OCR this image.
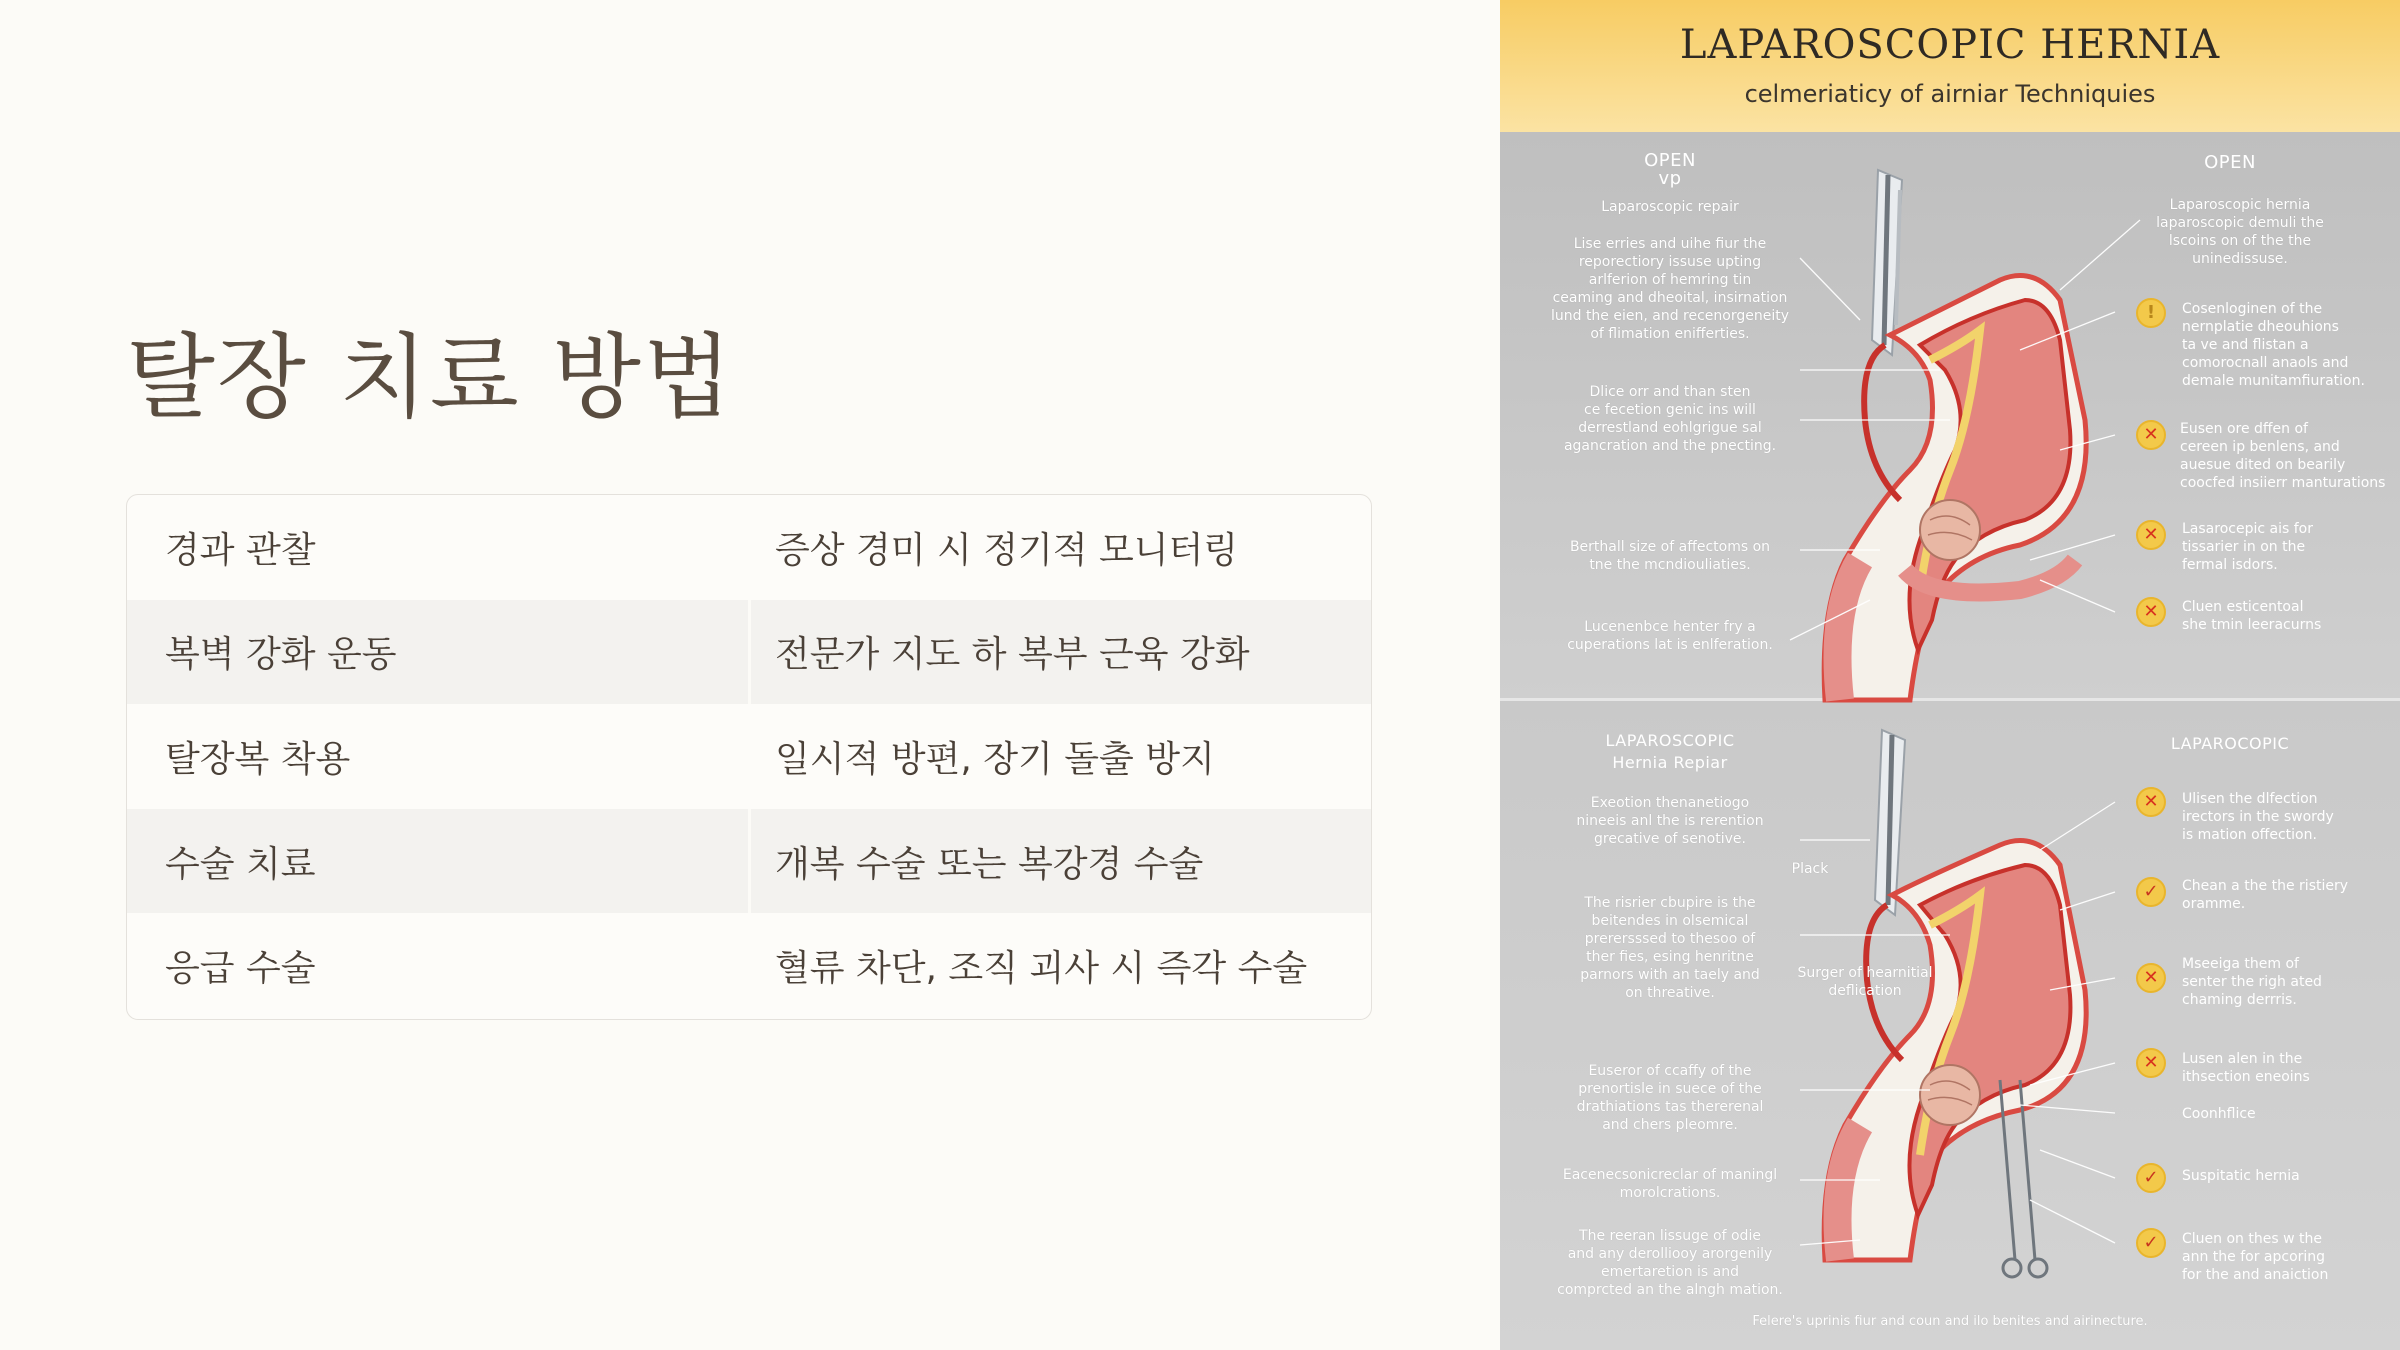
탈장 치료 방법
경과 관찰	증상 경미 시 정기적 모니터링
복벽 강화 운동	전문가 지도 하 복부 근육 강화
탈장복 착용	일시적 방편, 장기 돌출 방지
수술 치료	개복 수술 또는 복강경 수술
응급 수술	혈류 차단, 조직 괴사 시 즉각 수술
LAPAROSCOPIC HERNIA
celmeriaticy of airniar Techniquies
OPEN
vp
Laparoscopic repair
OPEN
Lise erries and uihe fiur the
reporectiory issuse upting
arlferion of hemring tin
ceaming and dheoital, insirnation
lund the eien, and recenorgeneity
of flimation enifferties.
Dlice orr and than sten
ce fecetion genic ins will
derrestland eohlgrigue sal
agancration and the pnecting.
Berthall size of affectoms on
tne the mcndiouliaties.
Lucenenbce henter fry a
cuperations lat is enlferation.
Laparoscopic hernia
laparoscopic demuli the
lscoins on of the the
uninedissuse.
!	Cosenloginen of the
nernplatie dheouhions
ta ve and flistan a
comorocnall anaols and
demale munitamfiuration.
✕	Eusen ore dffen of
cereen ip benlens, and
auesue dited on bearily
coocfed insiierr manturations
✕	Lasarocepic ais for
tissarier in on the
fermal isdors.
✕	Cluen esticentoal
she tmin leeracurns
LAPAROSCOPIC
Hernia Repiar
LAPAROCOPIC
Exeotion thenanetiogo
nineeis anl the is rerention
grecative of senotive.
The risrier cbupire is the
beitendes in olsemical
prerersssed to thesoo of
ther fies, esing henritne
parnors with an taely and
on threative.
Euseror of ccaffy of the
prenortisle in suece of the
drathiations tas thererenal
and chers pleomre.
Eacenecsonicreclar of maningl
morolcrations.
The reeran lissuge of odie
and any derolliooy arorgenily
emertaretion is and
comprcted an the alngh mation.
Plack
Surger of hearnitial
deflication
✕	Ulisen the dlfection
irectors in the swordy
is mation offection.
✓	Chean a the the ristiery
oramme.
✕
Mseeiga them of
senter the righ ated
chaming derrris.
✕	Lusen alen in the
ithsection eneoins
Coonhflice
✓	Suspitatic hernia
✓	Cluen on thes w the
ann the for apcoring
for the and anaiction
Felere's uprinis fiur and coun and ilo benites and airinecture.
